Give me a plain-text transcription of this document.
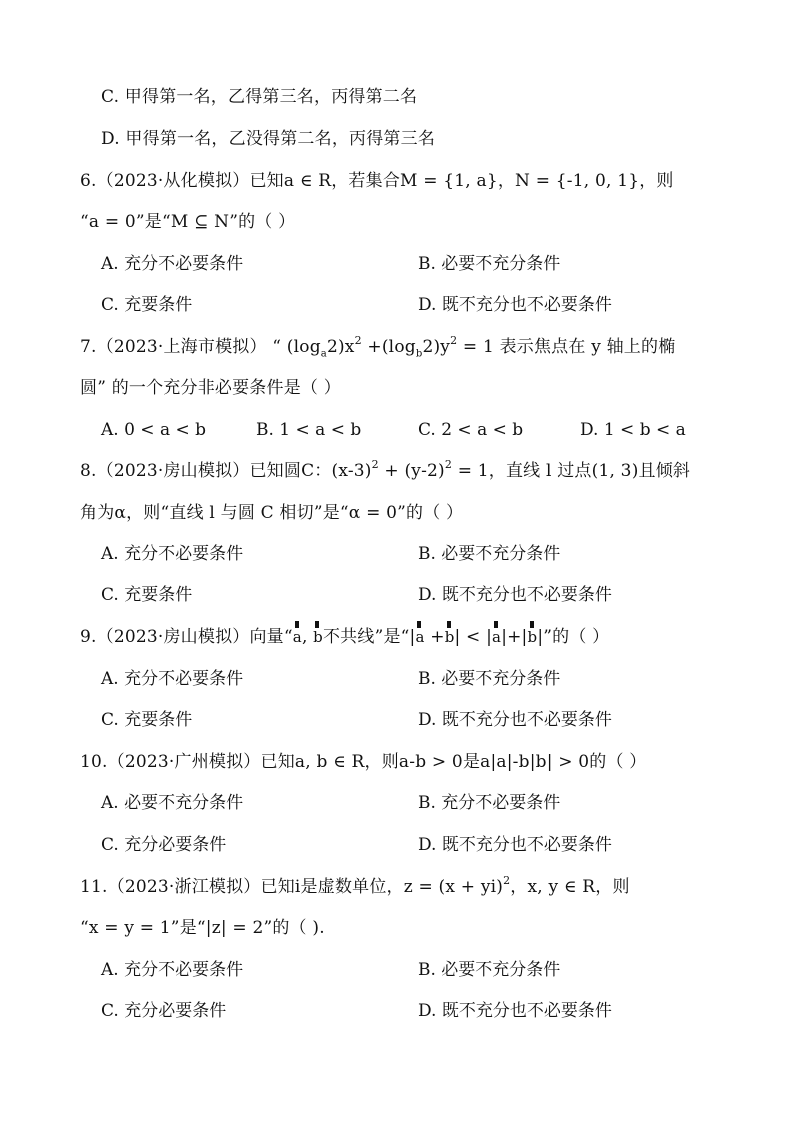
C. 甲得第一名，乙得第三名，丙得第二名
D. 甲得第一名，乙没得第二名，丙得第三名
6.（2023·从化模拟）已知a ∈ R，若集合M = {1, a}，N = {-1, 0, 1}，则
“a = 0”是“M ⊆ N”的（ ）
A. 充分不必要条件	B. 必要不充分条件
C. 充要条件	D. 既不充分也不必要条件
7.（2023·上海市模拟） “ $(\log_a2)x^2 +(\log_b2)y^2 = 1$ 表示焦点在 y 轴上的椭
圆” 的一个充分非必要条件是（ ）
A. 0 < a < b	B. 1 < a < b	C. 2 < a < b	D. 1 < b < a
8.（2023·房山模拟）已知圆C：$(x-3)^2 + (y-2)^2 = 1$，直线 l 过点(1, 3)且倾斜
角为α，则“直线 l 与圆 C 相切”是“α = 0”的（ ）
A. 充分不必要条件	B. 必要不充分条件
C. 充要条件	D. 既不充分也不必要条件
9.（2023·房山模拟）向量“a, b不共线”是“|a +b| < |a|+|b|”的（ ）
A. 充分不必要条件	B. 必要不充分条件
C. 充要条件	D. 既不充分也不必要条件
10.（2023·广州模拟）已知a, b ∈ R，则a-b > 0是a|a|-b|b| > 0的（ ）
A. 必要不充分条件	B. 充分不必要条件
C. 充分必要条件	D. 既不充分也不必要条件
11.（2023·浙江模拟）已知i是虚数单位，z = (x + yi)$^2$，x, y ∈ R，则
“x = y = 1”是“|z| = 2”的（ ).
A. 充分不必要条件	B. 必要不充分条件
C. 充分必要条件	D. 既不充分也不必要条件
